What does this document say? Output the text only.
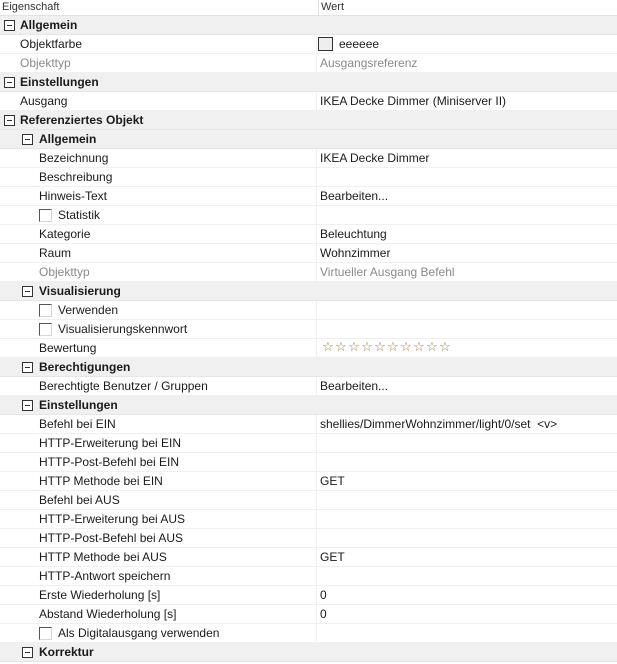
Eigenschaft	Wert
Allgemein
Objektfarbe	eeeeee
Objekttyp	Ausgangsreferenz
Einstellungen
Ausgang	IKEA Decke Dimmer (Miniserver II)
Referenziertes Objekt
Allgemein
Bezeichnung	IKEA Decke Dimmer
Beschreibung
Hinweis-Text	Bearbeiten...
Statistik
Kategorie	Beleuchtung
Raum	Wohnzimmer
Objekttyp	Virtueller Ausgang Befehl
Visualisierung
Verwenden
Visualisierungskennwort
Bewertung	☆ ☆ ☆ ☆ ☆ ☆ ☆ ☆ ☆ ☆
Berechtigungen
Berechtigte Benutzer / Gruppen	Bearbeiten...
Einstellungen
Befehl bei EIN	shellies/DimmerWohnzimmer/light/0/set  <v>
HTTP-Erweiterung bei EIN
HTTP-Post-Befehl bei EIN
HTTP Methode bei EIN	GET
Befehl bei AUS
HTTP-Erweiterung bei AUS
HTTP-Post-Befehl bei AUS
HTTP Methode bei AUS	GET
HTTP-Antwort speichern
Erste Wiederholung [s]	0
Abstand Wiederholung [s]	0
Als Digitalausgang verwenden
Korrektur
